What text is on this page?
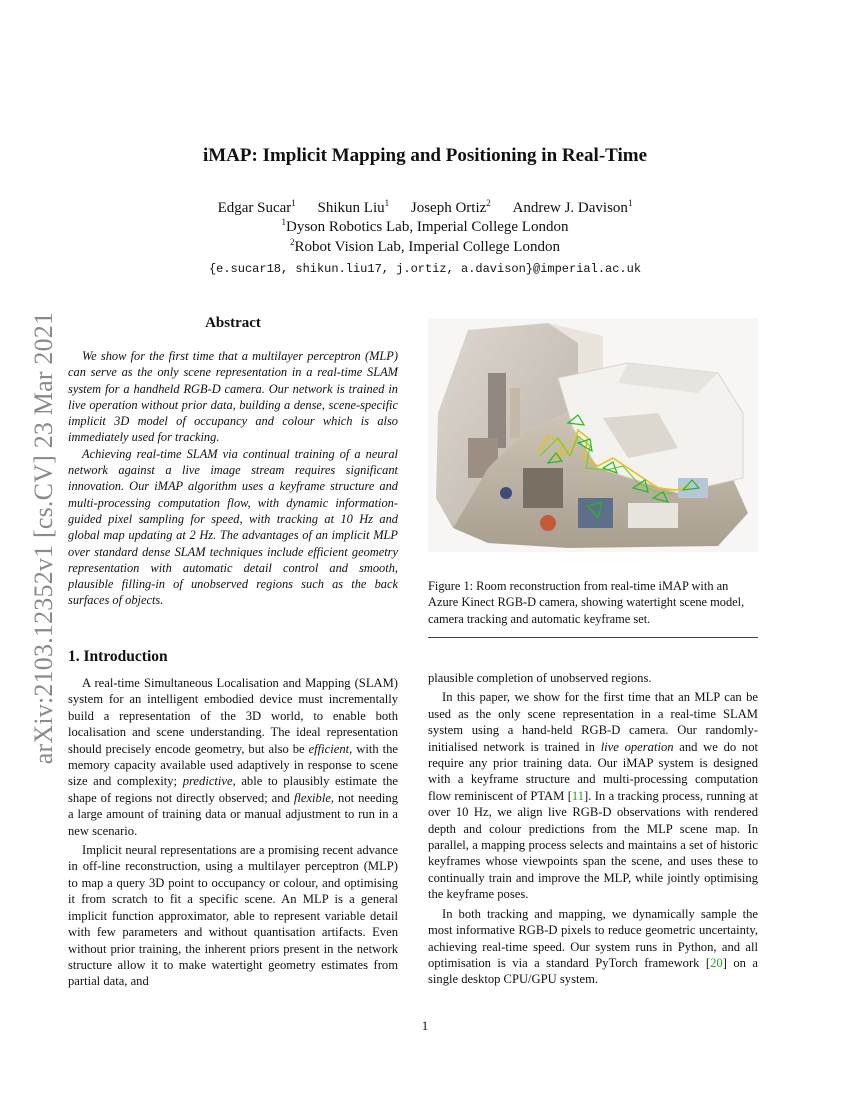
arXiv:2103.12352v1 [cs.CV] 23 Mar 2021
iMAP: Implicit Mapping and Positioning in Real-Time
Edgar Sucar$^1$ Shikun Liu$^1$ Joseph Ortiz$^2$ Andrew J. Davison$^1$
$^1$Dyson Robotics Lab, Imperial College London
$^2$Robot Vision Lab, Imperial College London
{e.sucar18, shikun.liu17, j.ortiz, a.davison}@imperial.ac.uk
Abstract

We show for the first time that a multilayer perceptron (MLP) can serve as the only scene representation in a real-time SLAM system for a handheld RGB-D camera. Our network is trained in live operation without prior data, building a dense, scene-specific implicit 3D model of occupancy and colour which is also immediately used for tracking.

Achieving real-time SLAM via continual training of a neural network against a live image stream requires significant innovation. Our iMAP algorithm uses a keyframe structure and multi-processing computation flow, with dynamic information-guided pixel sampling for speed, with tracking at 10 Hz and global map updating at 2 Hz. The advantages of an implicit MLP over standard dense SLAM techniques include efficient geometry representation with automatic detail control and smooth, plausible filling-in of unobserved regions such as the back surfaces of objects.

Figure 1: Room reconstruction from real-time iMAP with an Azure Kinect RGB-D camera, showing watertight scene model, camera tracking and automatic keyframe set.
1. Introduction

A real-time Simultaneous Localisation and Mapping (SLAM) system for an intelligent embodied device must incrementally build a representation of the 3D world, to enable both localisation and scene understanding. The ideal representation should precisely encode geometry, but also be efficient, with the memory capacity available used adaptively in response to scene size and complexity; predictive, able to plausibly estimate the shape of regions not directly observed; and flexible, not needing a large amount of training data or manual adjustment to run in a new scenario.

Implicit neural representations are a promising recent advance in off-line reconstruction, using a multilayer perceptron (MLP) to map a query 3D point to occupancy or colour, and optimising it from scratch to fit a specific scene. An MLP is a general implicit function approximator, able to represent variable detail with few parameters and without quantisation artifacts. Even without prior training, the inherent priors present in the network structure allow it to make watertight geometry estimates from partial data, and

plausible completion of unobserved regions.

In this paper, we show for the first time that an MLP can be used as the only scene representation in a real-time SLAM system using a hand-held RGB-D camera. Our randomly-initialised network is trained in live operation and we do not require any prior training data. Our iMAP system is designed with a keyframe structure and multi-processing computation flow reminiscent of PTAM [11]. In a tracking process, running at over 10 Hz, we align live RGB-D observations with rendered depth and colour predictions from the MLP scene map. In parallel, a mapping process selects and maintains a set of historic keyframes whose viewpoints span the scene, and uses these to continually train and improve the MLP, while jointly optimising the keyframe poses.

In both tracking and mapping, we dynamically sample the most informative RGB-D pixels to reduce geometric uncertainty, achieving real-time speed. Our system runs in Python, and all optimisation is via a standard PyTorch framework [20] on a single desktop CPU/GPU system.

1
